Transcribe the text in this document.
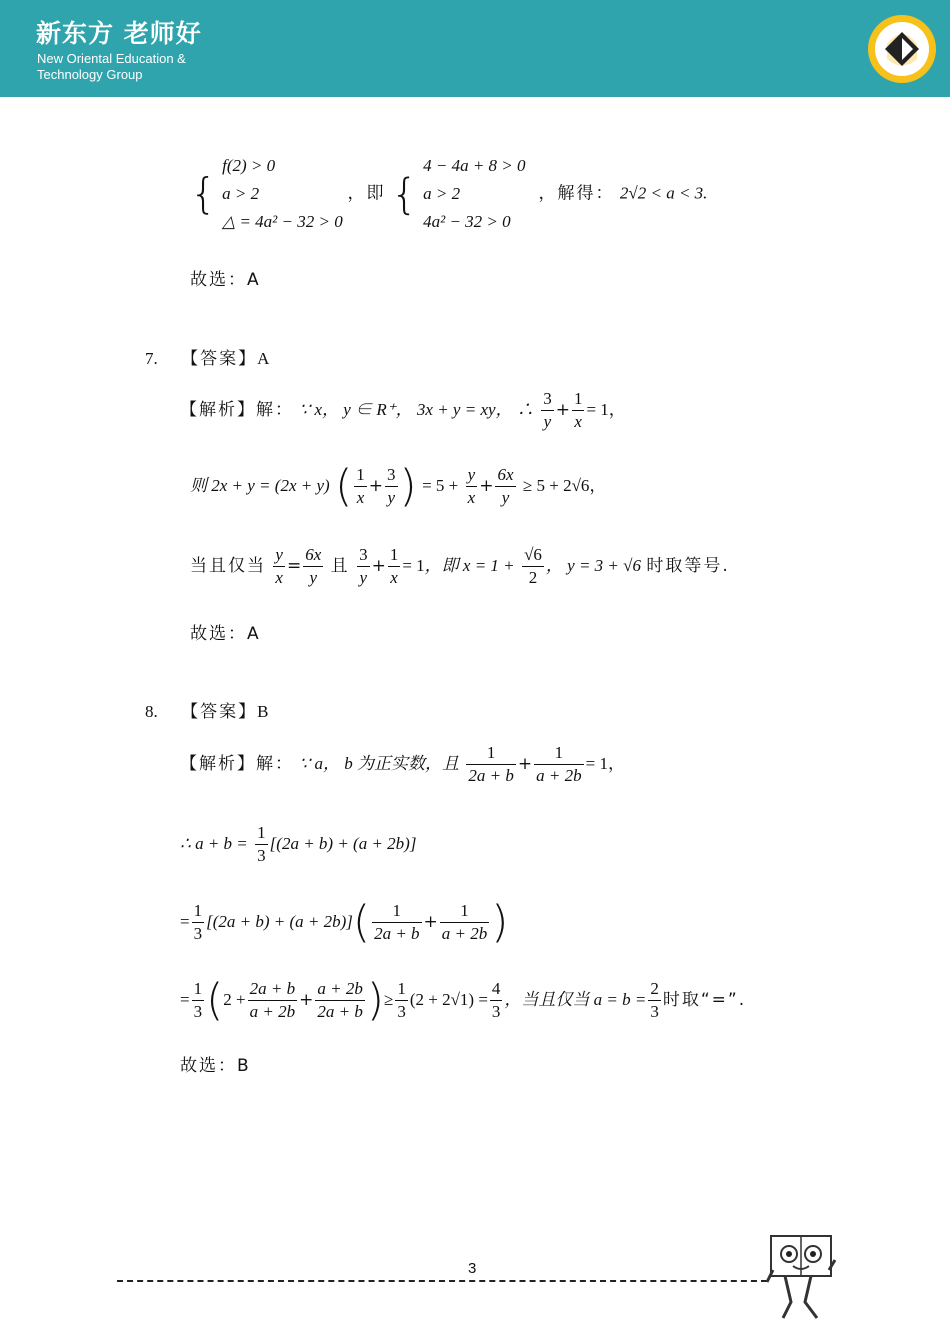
新东方 老师好
New Oriental Education &
Technology Group
{
f(2) > 0
a > 2
△ = 4a² − 32 > 0
，即 {
4 − 4a + 8 > 0
a > 2
4a² − 32 > 0
，解得： 2√2 < a < 3.
故选：A
7. 【答案】A
【解析】解： ∵ x， y ∈ R⁺， 3x + y = xy， ∴ $\frac{3}{y} + \frac{1}{x} = 1$，
则 2x + y = (2x + y) ( $\frac{1}{x} + \frac{3}{y}$ ) = $5 + \frac{y}{x} + \frac{6x}{y} \ge 5 + 2√6$，
当且仅当 $\frac{y}{x} = \frac{6x}{y}$ 且 $\frac{3}{y} + \frac{1}{x} = 1$，即 $x = 1 + \frac{√6}{2}$ ， y = 3 + √6 时取等号.
故选：A
8. 【答案】B
【解析】解： ∵ a， b 为正实数，且 $\frac{1}{2a + b} + \frac{1}{a + 2b} = 1$，
∴ $a + b = \frac{1}{3} [(2a + b) + (a + 2b)]$
= $\frac{1}{3} [(2a + b) + (a + 2b)]( \frac{1}{2a + b} + \frac{1}{a + 2b}$ )
= $\frac{1}{3} (2 + \frac{2a + b}{a + 2b} + \frac{a + 2b}{2a + b}$ )≥ $\frac{1}{3} (2 + 2√1) = \frac{4}{3}$ ，当且仅当 $a = b = \frac{2}{3}$ 时取“=”.
故选：B
3
